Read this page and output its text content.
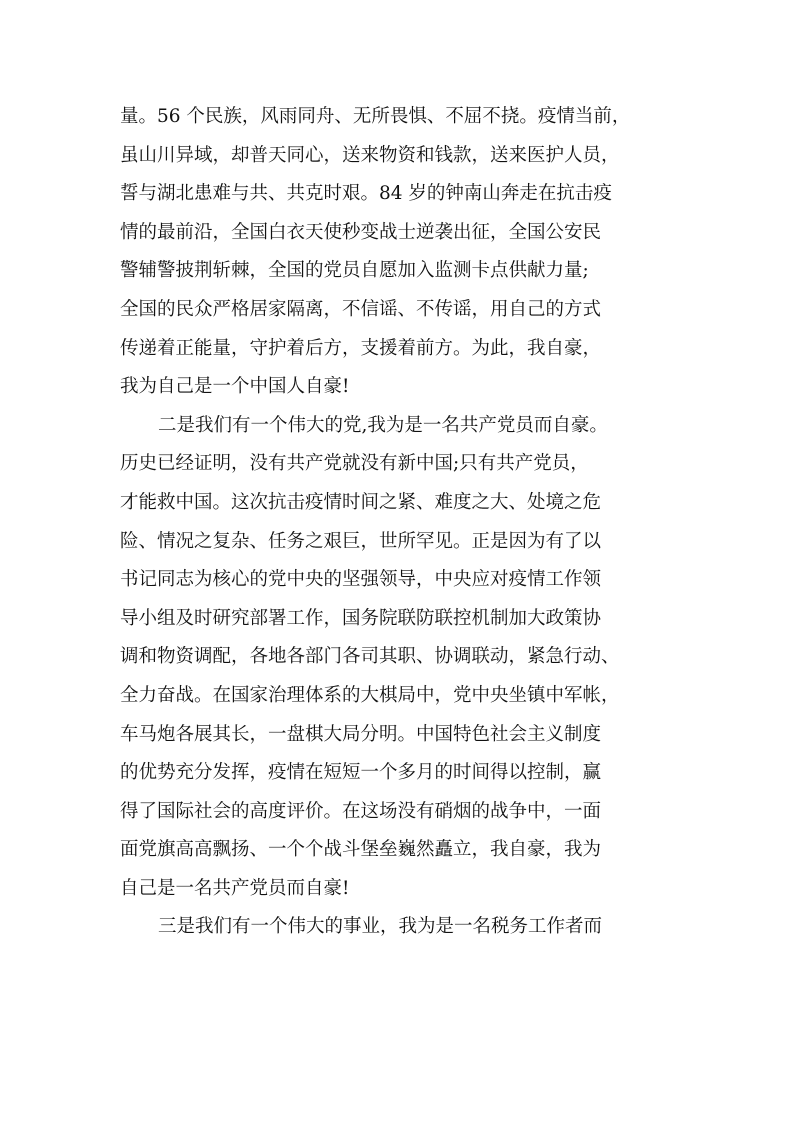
量。56 个民族，风雨同舟、无所畏惧、不屈不挠。疫情当前，
虽山川异域，却普天同心，送来物资和钱款，送来医护人员，
誓与湖北患难与共、共克时艰。84 岁的钟南山奔走在抗击疫
情的最前沿，全国白衣天使秒变战士逆袭出征，全国公安民
警辅警披荆斩棘，全国的党员自愿加入监测卡点供献力量;
全国的民众严格居家隔离，不信谣、不传谣，用自己的方式
传递着正能量，守护着后方，支援着前方。为此，我自豪，
我为自己是一个中国人自豪!
二是我们有一个伟大的党,我为是一名共产党员而自豪。
历史已经证明，没有共产党就没有新中国;只有共产党员，
才能救中国。这次抗击疫情时间之紧、难度之大、处境之危
险、情况之复杂、任务之艰巨，世所罕见。正是因为有了以
书记同志为核心的党中央的坚强领导，中央应对疫情工作领
导小组及时研究部署工作，国务院联防联控机制加大政策协
调和物资调配，各地各部门各司其职、协调联动，紧急行动、
全力奋战。在国家治理体系的大棋局中，党中央坐镇中军帐，
车马炮各展其长，一盘棋大局分明。中国特色社会主义制度
的优势充分发挥，疫情在短短一个多月的时间得以控制，赢
得了国际社会的高度评价。在这场没有硝烟的战争中，一面
面党旗高高飘扬、一个个战斗堡垒巍然矗立，我自豪，我为
自己是一名共产党员而自豪!
三是我们有一个伟大的事业，我为是一名税务工作者而
